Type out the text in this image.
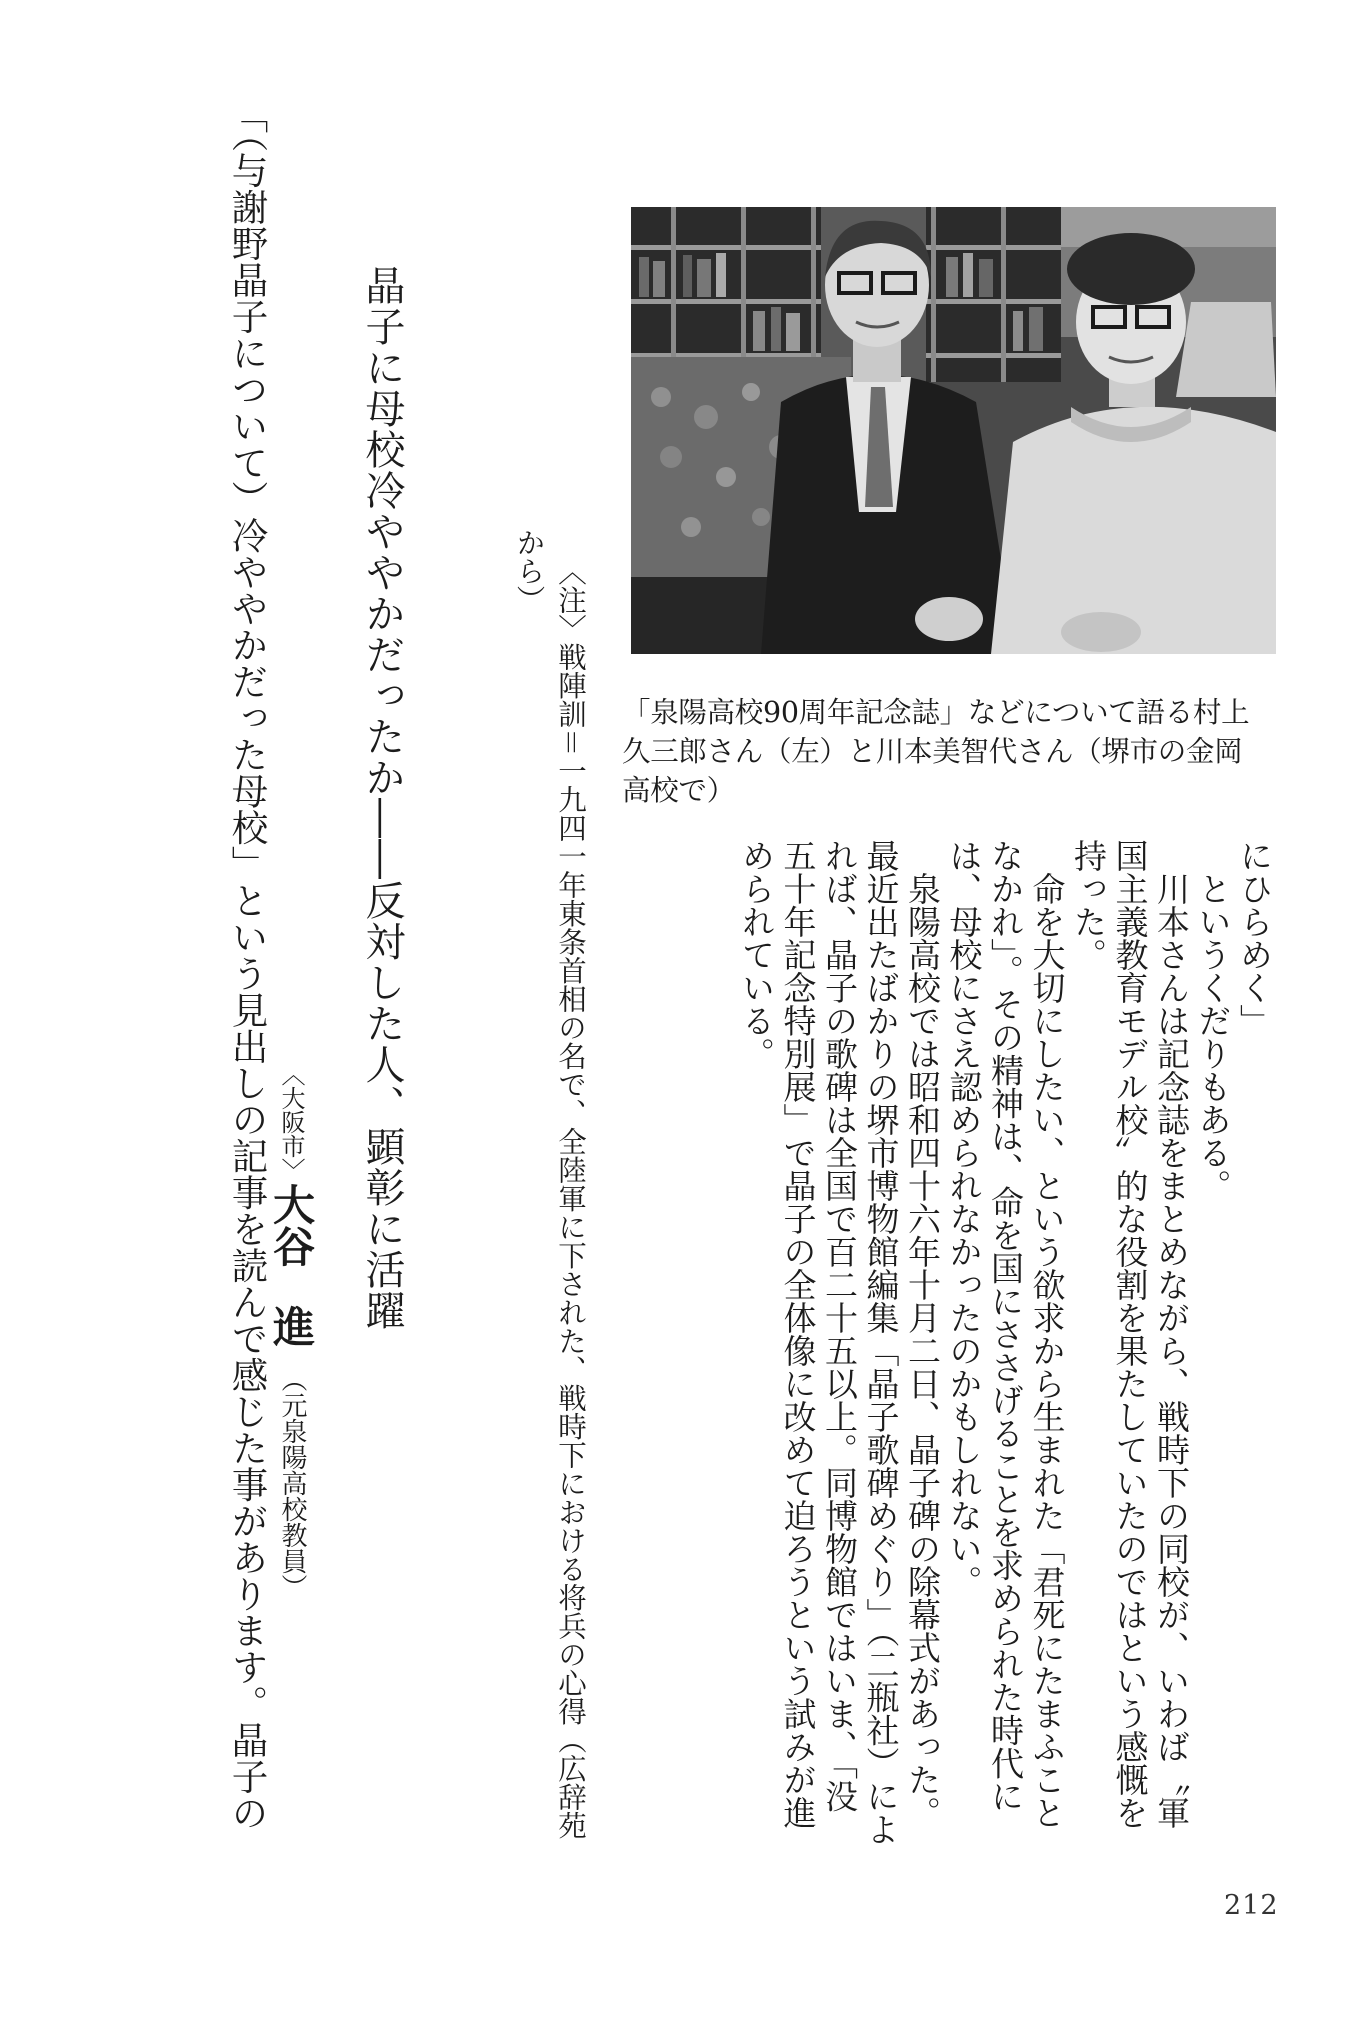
「泉陽高校90周年記念誌」などについて語る村上
久三郎さん（左）と川本美智代さん（堺市の金岡
高校で）
にひらめく」
というくだりもある。
川本さんは記念誌をまとめながら、戦時下の同校が、いわば〝軍
国主義教育モデル校〟的な役割を果たしていたのではという感慨を
持った。
命を大切にしたい、という欲求から生まれた「君死にたまふこと
なかれ」。その精神は、命を国にささげることを求められた時代に
は、母校にさえ認められなかったのかもしれない。
泉陽高校では昭和四十六年十月二日、晶子碑の除幕式があった。
最近出たばかりの堺市博物館編集「晶子歌碑めぐり」（二瓶社）によ
れば、晶子の歌碑は全国で百二十五以上。同博物館ではいま、「没
五十年記念特別展」で晶子の全体像に改めて迫ろうという試みが進
められている。
〈注〉戦陣訓＝一九四一年東条首相の名で、全陸軍に下された、戦時下における将兵の心得（広辞苑
から）
晶子に母校冷ややかだったか――反対した人、顕彰に活躍
〈大阪市〉
大谷
進
（元泉陽高校教員）
「（与謝野晶子について）冷ややかだった母校」という見出しの記事を読んで感じた事があります。晶子の
212
